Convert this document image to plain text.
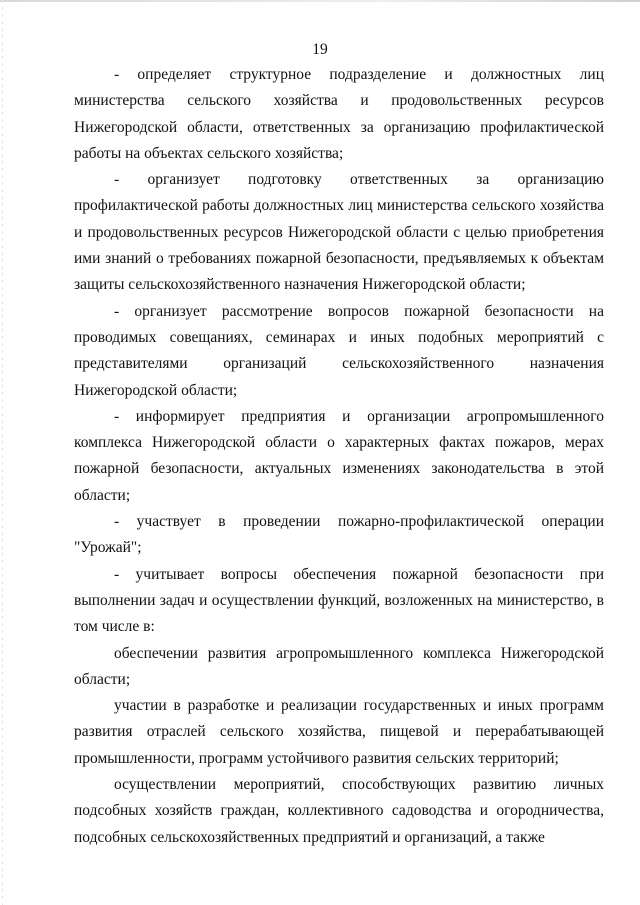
19

- определяет структурное подразделение и должностных лиц министерства сельского хозяйства и продовольственных ресурсов Нижегородской области, ответственных за организацию профилактической работы на объектах сельского хозяйства;

- организует подготовку ответственных за организацию профилактической работы должностных лиц министерства сельского хозяйства и продовольственных ресурсов Нижегородской области с целью приобретения ими знаний о требованиях пожарной безопасности, предъявляемых к объектам защиты сельскохозяйственного назначения Нижегородской области;

- организует рассмотрение вопросов пожарной безопасности на проводимых совещаниях, семинарах и иных подобных мероприятий с представителями организаций сельскохозяйственного назначения Нижегородской области;

- информирует предприятия и организации агропромышленного комплекса Нижегородской области о характерных фактах пожаров, мерах пожарной безопасности, актуальных изменениях законодательства в этой области;

- участвует в проведении пожарно-профилактической операции "Урожай";

- учитывает вопросы обеспечения пожарной безопасности при выполнении задач и осуществлении функций, возложенных на министерство, в том числе в:

обеспечении развития агропромышленного комплекса Нижегородской области;

участии в разработке и реализации государственных и иных программ развития отраслей сельского хозяйства, пищевой и перерабатывающей промышленности, программ устойчивого развития сельских территорий;

осуществлении мероприятий, способствующих развитию личных подсобных хозяйств граждан, коллективного садоводства и огородничества, подсобных сельскохозяйственных предприятий и организаций, а также
